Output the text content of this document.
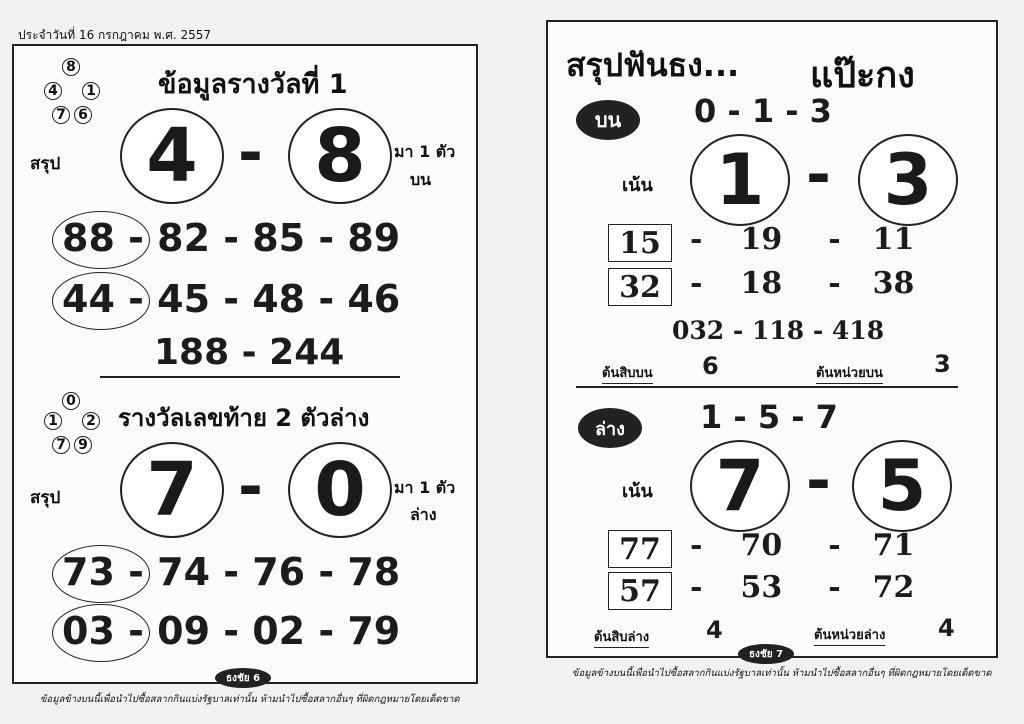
ประจำวันที่ 16 กรกฎาคม พ.ศ. 2557
8
4 1
7 6
ข้อมูลรางวัลที่ 1
สรุป 4 - 8 มา 1 ตัว
บน
88 - 82 - 85 - 89
44 - 45 - 48 - 46
188 - 244
0
1 2
7 9
รางวัลเลขท้าย 2 ตัวล่าง
สรุป 7 - 0 มา 1 ตัว
ล่าง
73 - 74 - 76 - 78
03 - 09 - 02 - 79
ธงชัย 6
ข้อมูลข้างบนนี้เพื่อนำไปซื้อสลากกินแบ่งรัฐบาลเท่านั้น ห้ามนำไปซื้อสลากอื่นๆ ที่ผิดกฎหมายโดยเด็ดขาด
สรุปฟันธง... แป๊ะกง
บน	0 - 1 - 3
เน้น 1 - 3
15 - 19 - 11
32 - 18 - 38
032 - 118 - 418
ต้นสิบบน 6	ต้นหน่วยบน 3
ล่าง	1 - 5 - 7
เน้น 7 - 5
77 - 70 - 71
57 - 53 - 72
ต้นสิบล่าง 4	ต้นหน่วยล่าง 4
ธงชัย 7
ข้อมูลข้างบนนี้เพื่อนำไปซื้อสลากกินแบ่งรัฐบาลเท่านั้น ห้ามนำไปซื้อสลากอื่นๆ ที่ผิดกฎหมายโดยเด็ดขาด
